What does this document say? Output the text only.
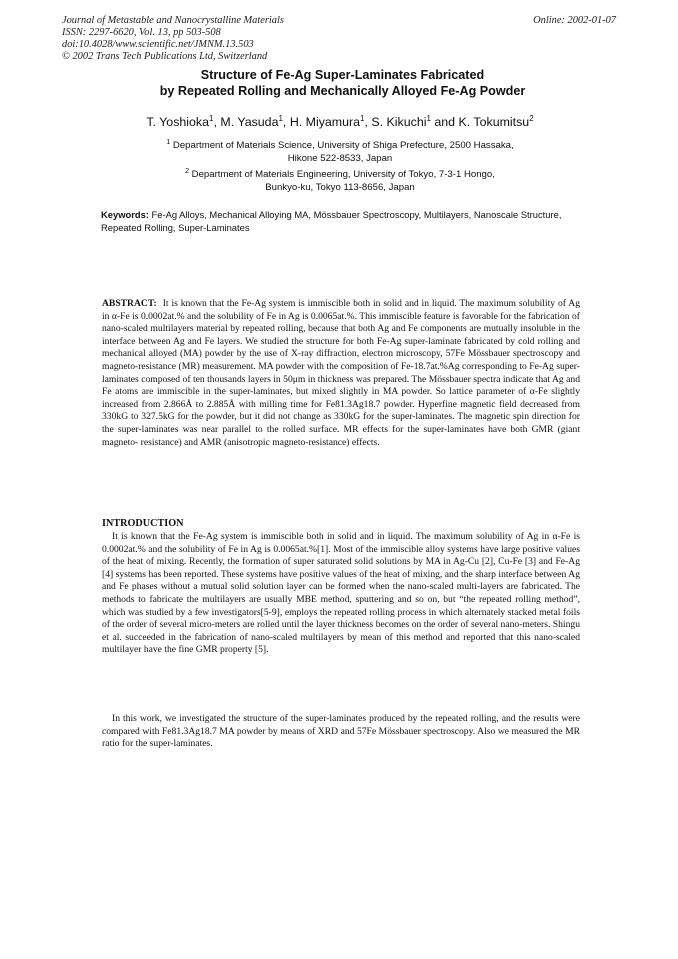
Journal of Metastable and Nanocrystalline Materials
ISSN: 2297-6620, Vol. 13, pp 503-508
doi:10.4028/www.scientific.net/JMNM.13.503
© 2002 Trans Tech Publications Ltd, Switzerland
Online: 2002-01-07
Structure of Fe-Ag Super-Laminates Fabricated
by Repeated Rolling and Mechanically Alloyed Fe-Ag Powder
T. Yoshioka$^1$, M. Yasuda$^1$, H. Miyamura$^1$, S. Kikuchi$^1$ and K. Tokumitsu$^2$
$^1$ Department of Materials Science, University of Shiga Prefecture, 2500 Hassaka,
Hikone 522-8533, Japan
$^2$ Department of Materials Engineering, University of Tokyo, 7-3-1 Hongo,
Bunkyo-ku, Tokyo 113-8656, Japan
Keywords: Fe-Ag Alloys, Mechanical Alloying MA, Mössbauer Spectroscopy, Multilayers, Nanoscale Structure, Repeated Rolling, Super-Laminates
ABSTRACT: It is known that the Fe-Ag system is immiscible both in solid and in liquid. The maximum solubility of Ag in α-Fe is 0.0002at.% and the solubility of Fe in Ag is 0.0065at.%. This immiscible feature is favorable for the fabrication of nano-scaled multilayers material by repeated rolling, because that both Ag and Fe components are mutually insoluble in the interface between Ag and Fe layers. We studied the structure for both Fe-Ag super-laminate fabricated by cold rolling and mechanical alloyed (MA) powder by the use of X-ray diffraction, electron microscopy, 57Fe Mössbauer spectroscopy and magneto-resistance (MR) measurement. MA powder with the composition of Fe-18.7at.%Ag corresponding to Fe-Ag super-laminates composed of ten thousands layers in 50μm in thickness was prepared. The Mössbauer spectra indicate that Ag and Fe atoms are immiscible in the super-laminates, but mixed slightly in MA powder. So lattice parameter of α-Fe slightly increased from 2.866Å to 2.885Å with milling time for Fe81.3Ag18.7 powder. Hyperfine magnetic field decreased from 330kG to 327.5kG for the powder, but it did not change as 330kG for the super-laminates. The magnetic spin direction for the super-laminates was near parallel to the rolled surface. MR effects for the super-laminates have both GMR (giant magneto- resistance) and AMR (anisotropic magneto-resistance) effects.
INTRODUCTION
It is known that the Fe-Ag system is immiscible both in solid and in liquid. The maximum solubility of Ag in α-Fe is 0.0002at.% and the solubility of Fe in Ag is 0.0065at.%[1]. Most of the immiscible alloy systems have large positive values of the heat of mixing. Recently, the formation of super saturated solid solutions by MA in Ag-Cu [2], Cu-Fe [3] and Fe-Ag [4] systems has been reported. These systems have positive values of the heat of mixing, and the sharp interface between Ag and Fe phases without a mutual solid solution layer can be formed when the nano-scaled multi-layers are fabricated. The methods to fabricate the multilayers are usually MBE method, sputtering and so on, but “the repeated rolling method”, which was studied by a few investigators[5-9], employs the repeated rolling process in which alternately stacked metal foils of the order of several micro-meters are rolled until the layer thickness becomes on the order of several nano-meters. Shingu et al. succeeded in the fabrication of nano-scaled multilayers by mean of this method and reported that this nano-scaled multilayer have the fine GMR property [5].
In this work, we investigated the structure of the super-laminates produced by the repeated rolling, and the results were compared with Fe81.3Ag18.7 MA powder by means of XRD and 57Fe Mössbauer spectroscopy. Also we measured the MR ratio for the super-laminates.
